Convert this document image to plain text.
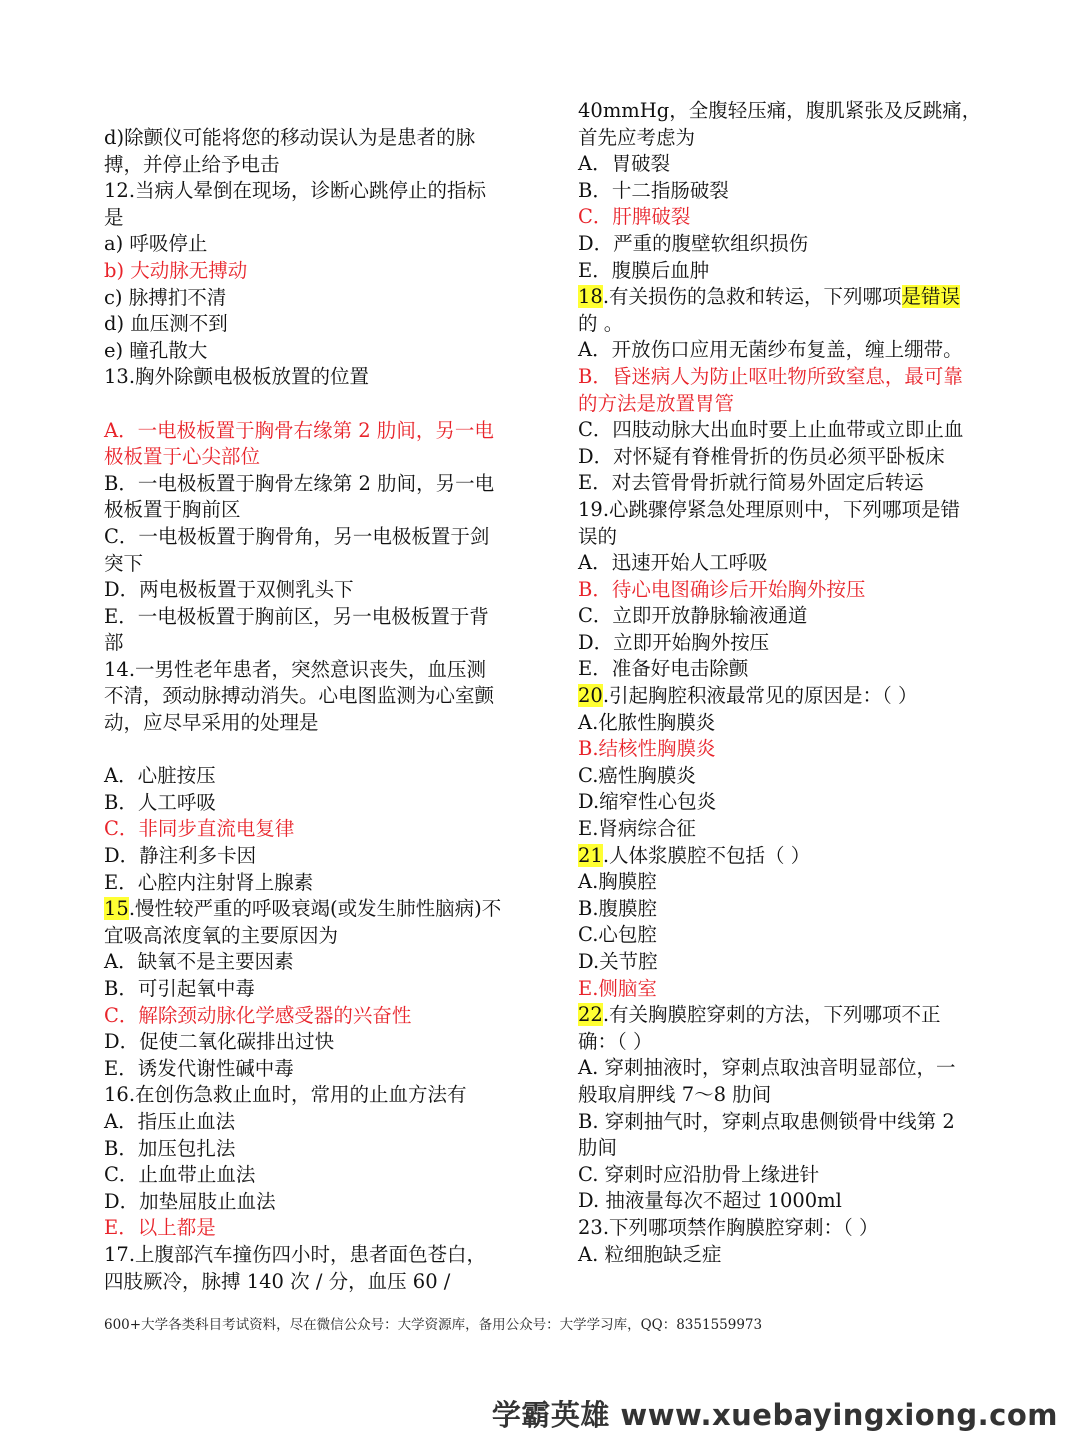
d)除颤仪可能将您的移动误认为是患者的脉
搏，并停止给予电击
12.当病人晕倒在现场，诊断心跳停止的指标
是
a) 呼吸停止
b) 大动脉无搏动
c) 脉搏扪不清
d) 血压测不到
e) 瞳孔散大
13.胸外除颤电极板放置的位置
A．一电极板置于胸骨右缘第 2 肋间，另一电
极板置于心尖部位
B．一电极板置于胸骨左缘第 2 肋间，另一电
极板置于胸前区
C．一电极板置于胸骨角，另一电极板置于剑
突下
D．两电极板置于双侧乳头下
E．一电极板置于胸前区，另一电极板置于背
部
14.一男性老年患者，突然意识丧失，血压测
不清，颈动脉搏动消失。心电图监测为心室颤
动，应尽早采用的处理是
A．心脏按压
B．人工呼吸
C．非同步直流电复律
D．静注利多卡因
E．心腔内注射肾上腺素
15.慢性较严重的呼吸衰竭(或发生肺性脑病)不
宜吸高浓度氧的主要原因为
A．缺氧不是主要因素
B．可引起氧中毒
C．解除颈动脉化学感受器的兴奋性
D．促使二氧化碳排出过快
E．诱发代谢性碱中毒
16.在创伤急救止血时，常用的止血方法有
A．指压止血法
B．加压包扎法
C．止血带止血法
D．加垫屈肢止血法
E．以上都是
17.上腹部汽车撞伤四小时，患者面色苍白，
四肢厥冷，脉搏 140 次 / 分，血压 60 /
40mmHg，全腹轻压痛，腹肌紧张及反跳痛，
首先应考虑为
A．胃破裂
B．十二指肠破裂
C．肝脾破裂
D．严重的腹壁软组织损伤
E．腹膜后血肿
18.有关损伤的急救和转运，下列哪项是错误
的 。
A．开放伤口应用无菌纱布复盖，缠上绷带。
B．昏迷病人为防止呕吐物所致窒息，最可靠
的方法是放置胃管
C．四肢动脉大出血时要上止血带或立即止血
D．对怀疑有脊椎骨折的伤员必须平卧板床
E．对去管骨骨折就行简易外固定后转运
19.心跳骤停紧急处理原则中，下列哪项是错
误的
A．迅速开始人工呼吸
B．待心电图确诊后开始胸外按压
C．立即开放静脉输液通道
D．立即开始胸外按压
E．准备好电击除颤
20.引起胸腔积液最常见的原因是：（ ）
A.化脓性胸膜炎
B.结核性胸膜炎
C.癌性胸膜炎
D.缩窄性心包炎
E.肾病综合征
21.人体浆膜腔不包括（ ）
A.胸膜腔
B.腹膜腔
C.心包腔
D.关节腔
E.侧脑室
22.有关胸膜腔穿刺的方法，下列哪项不正
确：（ ）
A. 穿刺抽液时，穿刺点取浊音明显部位，一
般取肩胛线 7～8 肋间
B. 穿刺抽气时，穿刺点取患侧锁骨中线第 2
肋间
C. 穿刺时应沿肋骨上缘进针
D. 抽液量每次不超过 1000ml
23.下列哪项禁作胸膜腔穿刺：（ ）
A. 粒细胞缺乏症
600+大学各类科目考试资料，尽在微信公众号：大学资源库，备用公众号：大学学习库，QQ：8351559973
学霸英雄 www.xuebayingxiong.com
